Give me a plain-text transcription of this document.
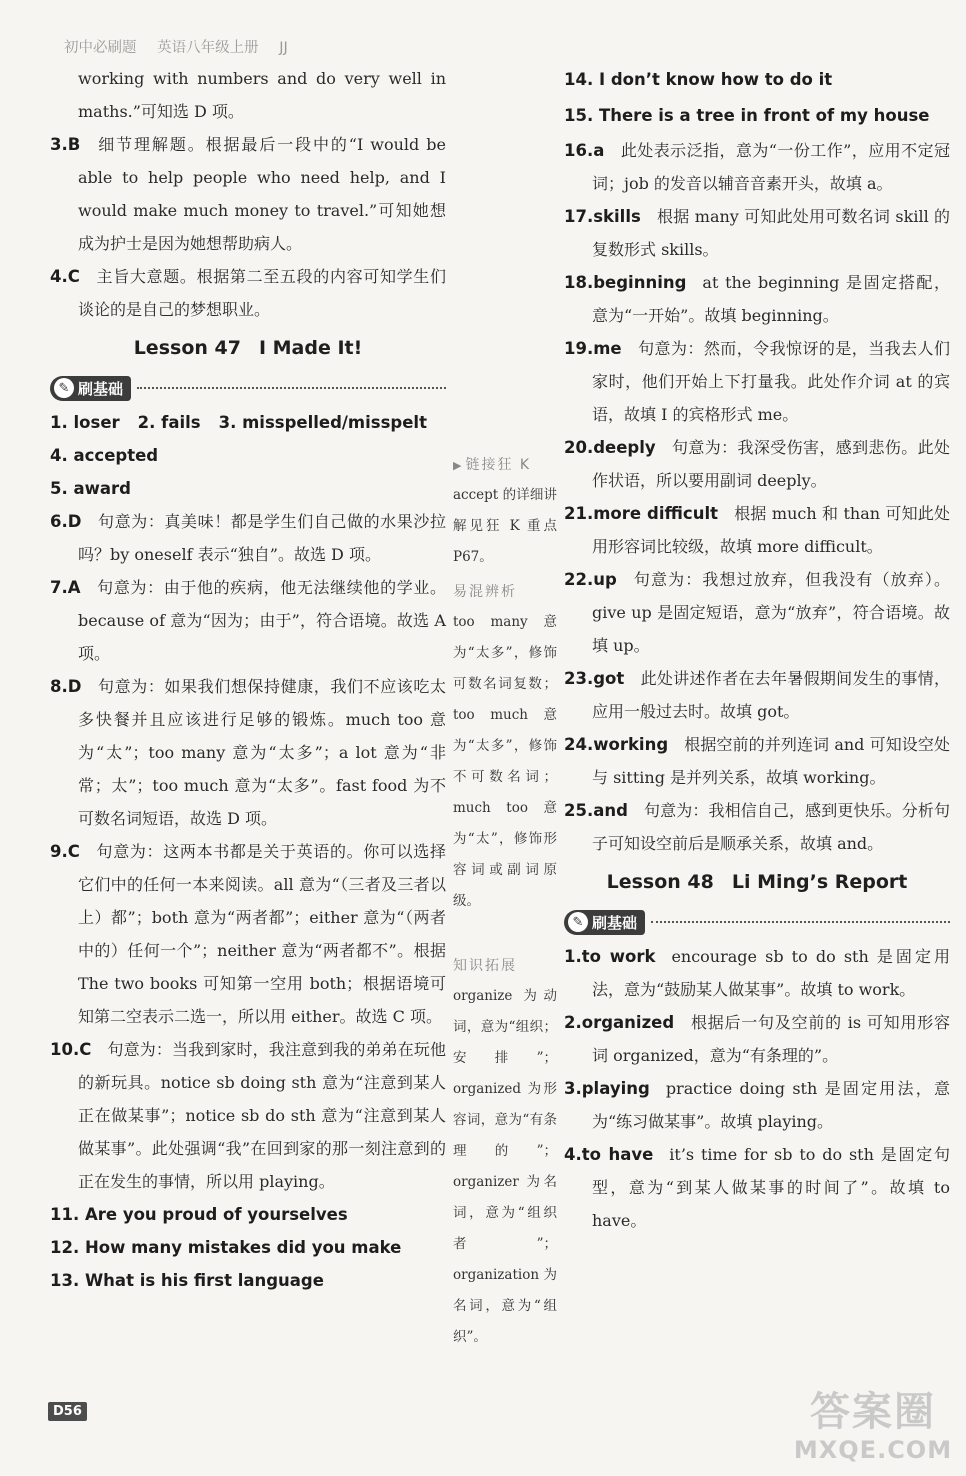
初中必刷题 英语八年级上册 JJ

working with numbers and do very well in maths.”可知选 D 项。

3.B 细节理解题。根据最后一段中的“I would be able to help people who need help, and I would make much money to travel.”可知她想成为护士是因为她想帮助病人。

4.C 主旨大意题。根据第二至五段的内容可知学生们谈论的是自己的梦想职业。

Lesson 47 I Made It!
✎ 刷基础
1. loser 2. fails 3. misspelled/misspelt
4. accepted
5. award

6.D 句意为：真美味！都是学生们自己做的水果沙拉吗？by oneself 表示“独自”。故选 D 项。

7.A 句意为：由于他的疾病，他无法继续他的学业。because of 意为“因为；由于”，符合语境。故选 A 项。

8.D 句意为：如果我们想保持健康，我们不应该吃太多快餐并且应该进行足够的锻炼。much too 意为“太”；too many 意为“太多”；a lot 意为“非常；太”；too much 意为“太多”。fast food 为不可数名词短语，故选 D 项。

9.C 句意为：这两本书都是关于英语的。你可以选择它们中的任何一本来阅读。all 意为“（三者及三者以上）都”；both 意为“两者都”；either 意为“（两者中的）任何一个”；neither 意为“两者都不”。根据 The two books 可知第一空用 both；根据语境可知第二空表示二选一，所以用 either。故选 C 项。

10.C 句意为：当我到家时，我注意到我的弟弟在玩他的新玩具。notice sb doing sth 意为“注意到某人正在做某事”；notice sb do sth 意为“注意到某人做某事”。此处强调“我”在回到家的那一刻注意到的正在发生的事情，所以用 playing。

11. Are you proud of yourselves
12. How many mistakes did you make
13. What is his first language
▶ 链接狂 K

accept 的详细讲解见狂 K 重点 P67。

易混辨析

too many 意为“太多”，修饰可数名词复数；too much 意为“太多”，修饰不可数名词；much too 意为“太”，修饰形容词或副词原级。

知识拓展

organize 为动词，意为“组织；安排”；organized 为形容词，意为“有条理的”；organizer 为名词，意为“组织者”；organization 为名词，意为“组织”。

14. I don’t know how to do it
15. There is a tree in front of my house

16.a 此处表示泛指，意为“一份工作”，应用不定冠词；job 的发音以辅音音素开头，故填 a。

17.skills 根据 many 可知此处用可数名词 skill 的复数形式 skills。

18.beginning at the beginning 是固定搭配，意为“一开始”。故填 beginning。

19.me 句意为：然而，令我惊讶的是，当我去人们家时，他们开始上下打量我。此处作介词 at 的宾语，故填 I 的宾格形式 me。

20.deeply 句意为：我深受伤害，感到悲伤。此处作状语，所以要用副词 deeply。

21.more difficult 根据 much 和 than 可知此处用形容词比较级，故填 more difficult。

22.up 句意为：我想过放弃，但我没有（放弃）。give up 是固定短语，意为“放弃”，符合语境。故填 up。

23.got 此处讲述作者在去年暑假期间发生的事情，应用一般过去时。故填 got。

24.working 根据空前的并列连词 and 可知设空处与 sitting 是并列关系，故填 working。

25.and 句意为：我相信自己，感到更快乐。分析句子可知设空前后是顺承关系，故填 and。

Lesson 48 Li Ming’s Report
✎ 刷基础

1.to work encourage sb to do sth 是固定用法，意为“鼓励某人做某事”。故填 to work。

2.organized 根据后一句及空前的 is 可知用形容词 organized，意为“有条理的”。

3.playing practice doing sth 是固定用法，意为“练习做某事”。故填 playing。

4.to have it’s time for sb to do sth 是固定句型，意为“到某人做某事的时间了”。故填 to have。

D56	答案圈
MXQE.COM
